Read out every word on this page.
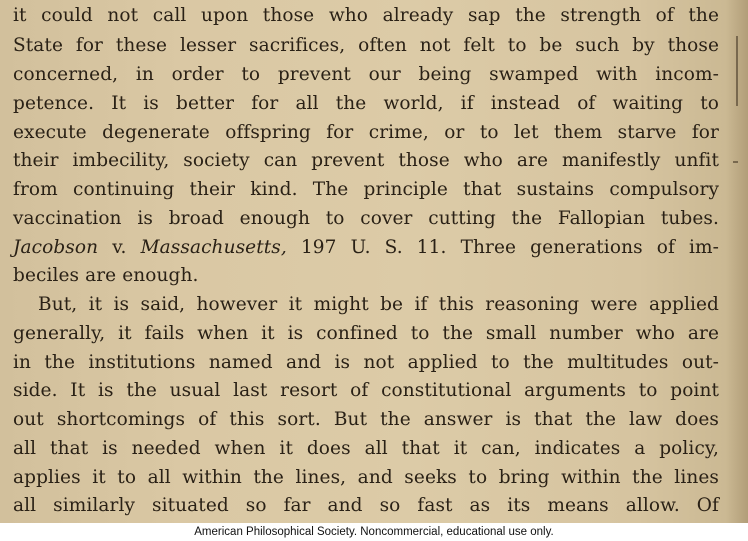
it could not call upon those who already sap the strength of the

State for these lesser sacrifices, often not felt to be such by those

concerned, in order to prevent our being swamped with incom-

petence. It is better for all the world, if instead of waiting to

execute degenerate offspring for crime, or to let them starve for

their imbecility, society can prevent those who are manifestly unfit

from continuing their kind. The principle that sustains compulsory

vaccination is broad enough to cover cutting the Fallopian tubes.

Jacobson v. Massachusetts, 197 U. S. 11. Three generations of im-

beciles are enough.

But, it is said, however it might be if this reasoning were applied

generally, it fails when it is confined to the small number who are

in the institutions named and is not applied to the multitudes out-

side. It is the usual last resort of constitutional arguments to point

out shortcomings of this sort. But the answer is that the law does

all that is needed when it does all that it can, indicates a policy,

applies it to all within the lines, and seeks to bring within the lines

all similarly situated so far and so fast as its means allow. Of

American Philosophical Society. Noncommercial, educational use only.
